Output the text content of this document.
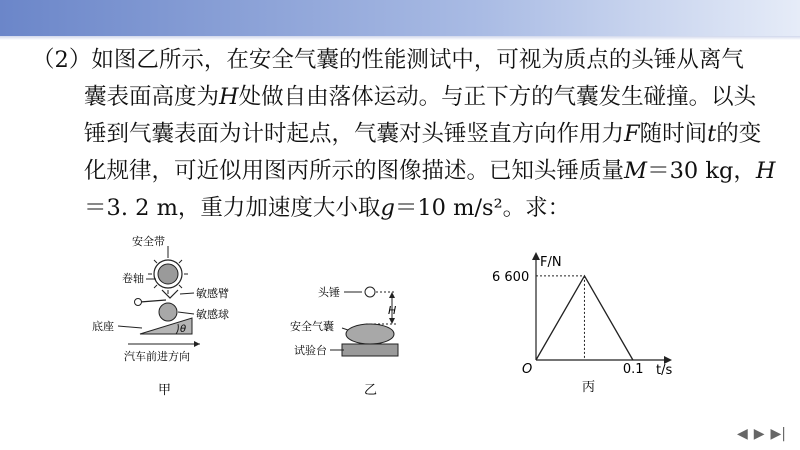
（2）如图乙所示，在安全气囊的性能测试中，可视为质点的头锤从离气

囊表面高度为H处做自由落体运动。与正下方的气囊发生碰撞。以头

锤到气囊表面为计时起点，气囊对头锤竖直方向作用力F随时间t的变

化规律，可近似用图丙所示的图像描述。已知头锤质量M＝30 kg，H

＝3. 2 m，重力加速度大小取g＝10 m/s²。求：

安全带
卷轴
敏感臂
敏感球
θ
底座
汽车前进方向
甲
头锤
H
安全气囊
试验台
乙
F/N
t/s
O
6 600
0.1
丙
◀ ▶ ▶|
